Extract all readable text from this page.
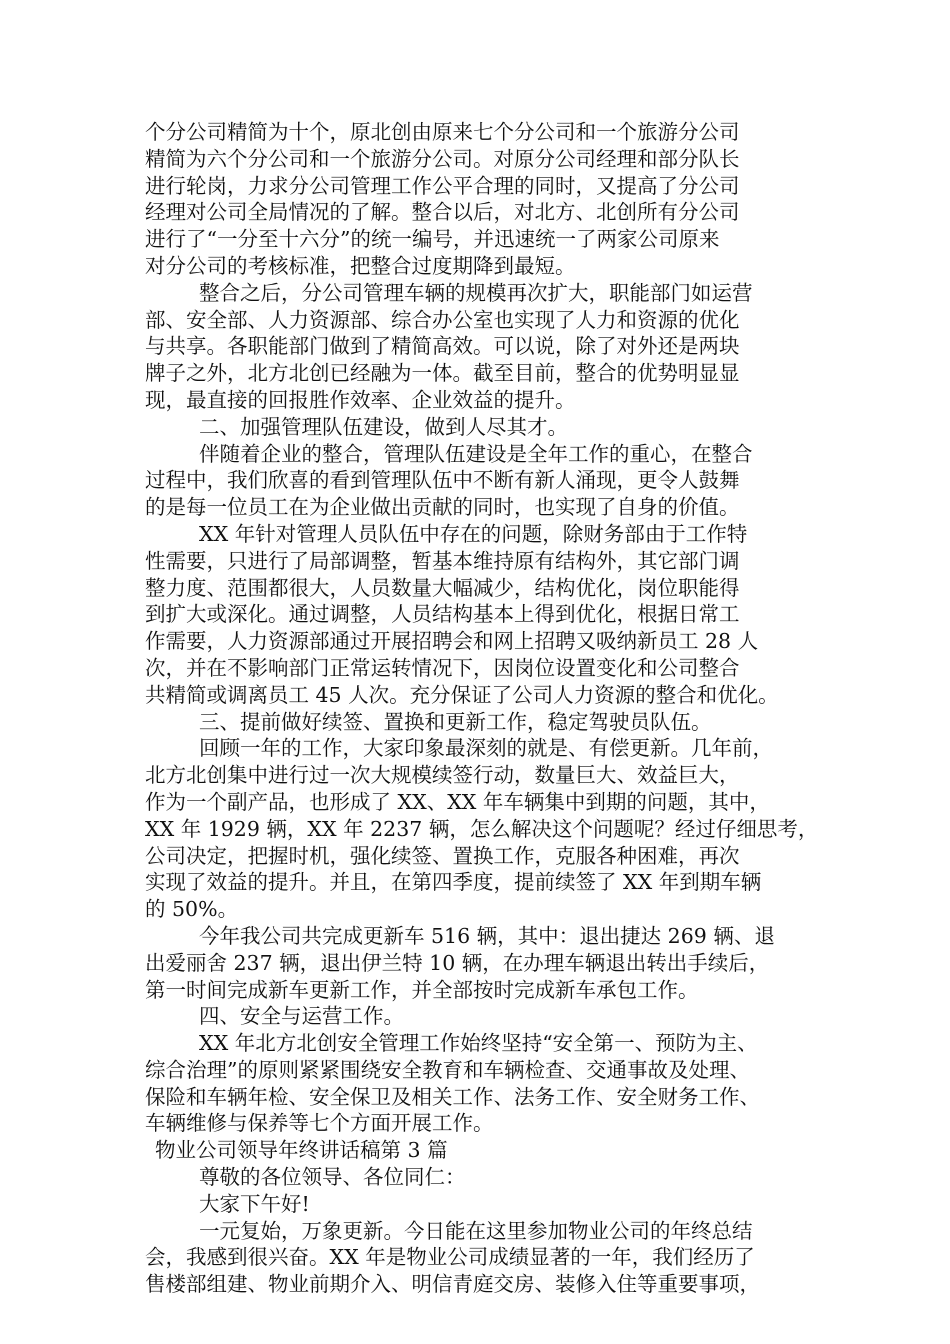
个分公司精简为十个，原北创由原来七个分公司和一个旅游分公司
精简为六个分公司和一个旅游分公司。对原分公司经理和部分队长
进行轮岗，力求分公司管理工作公平合理的同时，又提高了分公司
经理对公司全局情况的了解。整合以后，对北方、北创所有分公司
进行了“一分至十六分”的统一编号，并迅速统一了两家公司原来
对分公司的考核标准，把整合过度期降到最短。
整合之后，分公司管理车辆的规模再次扩大，职能部门如运营
部、安全部、人力资源部、综合办公室也实现了人力和资源的优化
与共享。各职能部门做到了精简高效。可以说，除了对外还是两块
牌子之外，北方北创已经融为一体。截至目前，整合的优势明显显
现，最直接的回报胜作效率、企业效益的提升。
二、加强管理队伍建设，做到人尽其才。
伴随着企业的整合，管理队伍建设是全年工作的重心，在整合
过程中，我们欣喜的看到管理队伍中不断有新人涌现，更令人鼓舞
的是每一位员工在为企业做出贡献的同时，也实现了自身的价值。
XX 年针对管理人员队伍中存在的问题，除财务部由于工作特
性需要，只进行了局部调整，暂基本维持原有结构外，其它部门调
整力度、范围都很大，人员数量大幅减少，结构优化，岗位职能得
到扩大或深化。通过调整，人员结构基本上得到优化，根据日常工
作需要，人力资源部通过开展招聘会和网上招聘又吸纳新员工 28 人
次，并在不影响部门正常运转情况下，因岗位设置变化和公司整合
共精简或调离员工 45 人次。充分保证了公司人力资源的整合和优化。
三、提前做好续签、置换和更新工作，稳定驾驶员队伍。
回顾一年的工作，大家印象最深刻的就是、有偿更新。几年前，
北方北创集中进行过一次大规模续签行动，数量巨大、效益巨大，
作为一个副产品，也形成了 XX、XX 年车辆集中到期的问题，其中，
XX 年 1929 辆，XX 年 2237 辆，怎么解决这个问题呢？经过仔细思考，
公司决定，把握时机，强化续签、置换工作，克服各种困难，再次
实现了效益的提升。并且，在第四季度，提前续签了 XX 年到期车辆
的 50%。
今年我公司共完成更新车 516 辆，其中：退出捷达 269 辆、退
出爱丽舍 237 辆，退出伊兰特 10 辆，在办理车辆退出转出手续后，
第一时间完成新车更新工作，并全部按时完成新车承包工作。
四、安全与运营工作。
XX 年北方北创安全管理工作始终坚持“安全第一、预防为主、
综合治理”的原则紧紧围绕安全教育和车辆检查、交通事故及处理、
保险和车辆年检、安全保卫及相关工作、法务工作、安全财务工作、
车辆维修与保养等七个方面开展工作。
物业公司领导年终讲话稿第 3 篇
尊敬的各位领导、各位同仁：
大家下午好!
一元复始，万象更新。今日能在这里参加物业公司的年终总结
会，我感到很兴奋。XX 年是物业公司成绩显著的一年，我们经历了
售楼部组建、物业前期介入、明信青庭交房、装修入住等重要事项，
